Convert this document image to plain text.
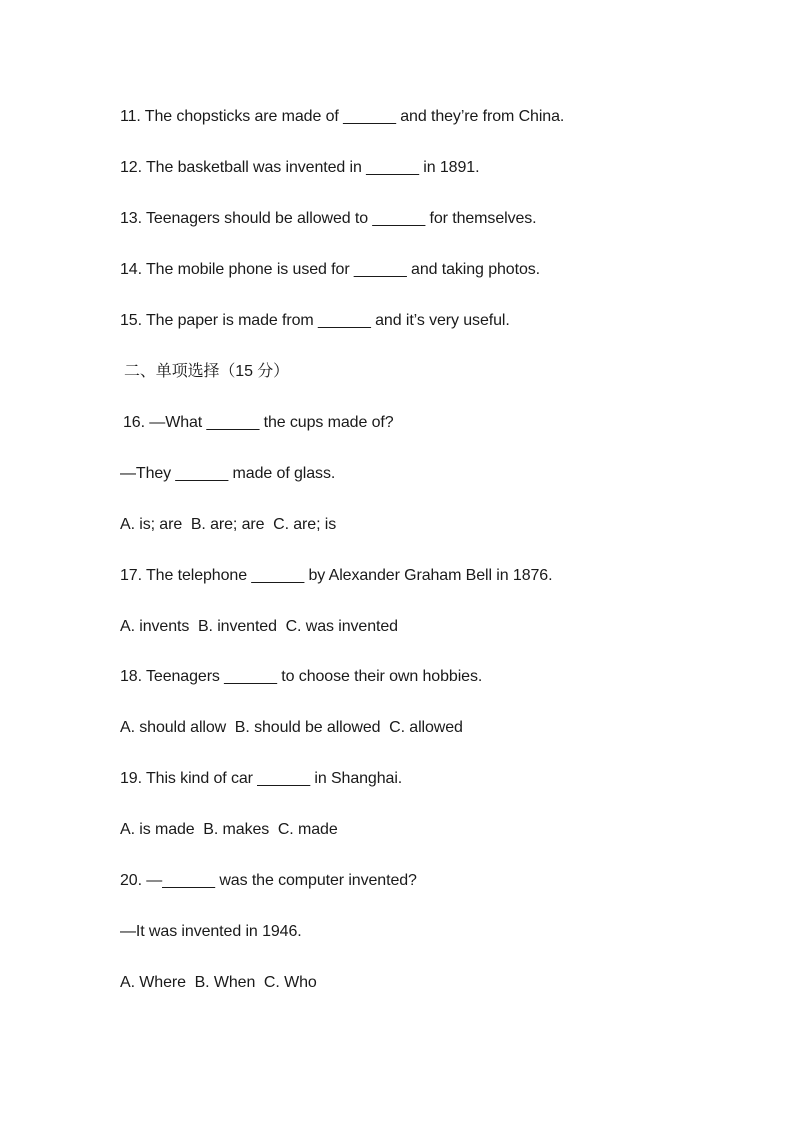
11. The chopsticks are made of ______ and they’re from China.
12. The basketball was invented in ______ in 1891.
13. Teenagers should be allowed to ______ for themselves.
14. The mobile phone is used for ______ and taking photos.
15. The paper is made from ______ and it’s very useful.
二、单项选择（15 分）
16. —What ______ the cups made of?
—They ______ made of glass.
A. is; are  B. are; are  C. are; is
17. The telephone ______ by Alexander Graham Bell in 1876.
A. invents  B. invented  C. was invented
18. Teenagers ______ to choose their own hobbies.
A. should allow  B. should be allowed  C. allowed
19. This kind of car ______ in Shanghai.
A. is made  B. makes  C. made
20. —______ was the computer invented?
—It was invented in 1946.
A. Where  B. When  C. Who
